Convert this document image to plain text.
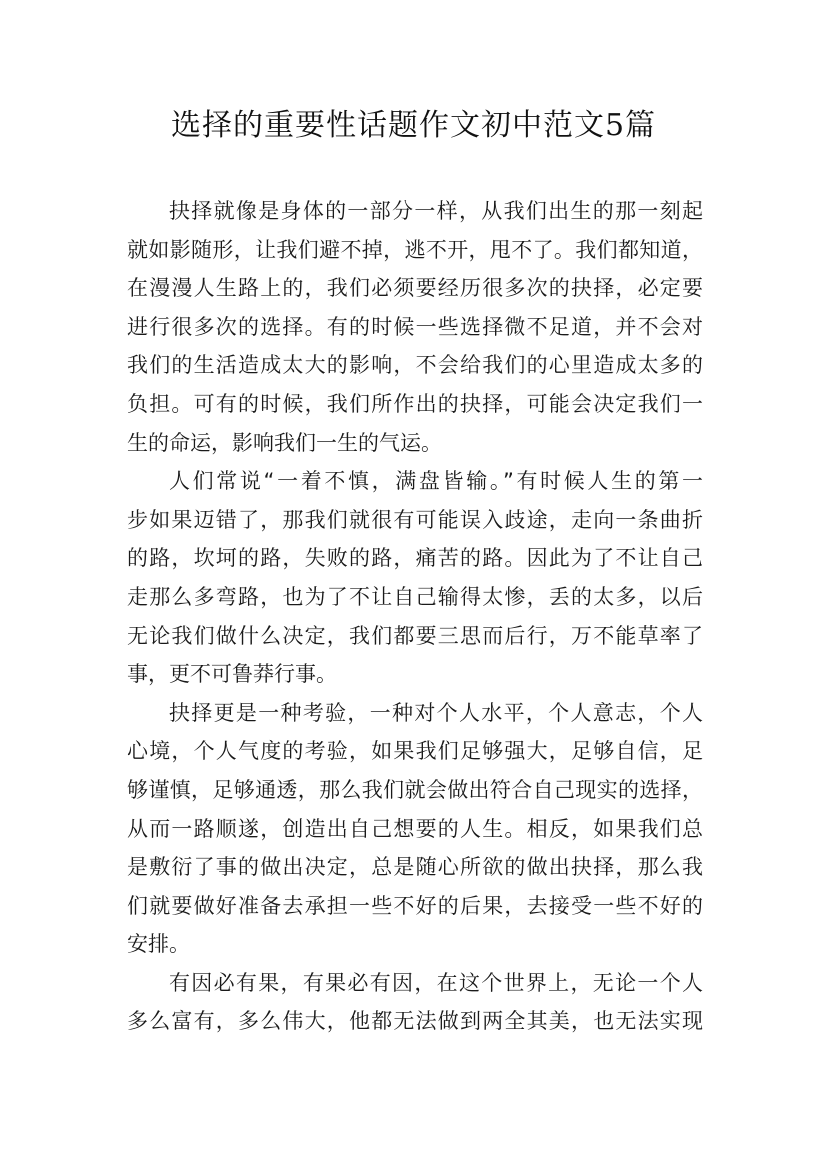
选择的重要性话题作文初中范文5篇
抉择就像是身体的一部分一样，从我们出生的那一刻起
就如影随形，让我们避不掉，逃不开，甩不了。我们都知道，
在漫漫人生路上的，我们必须要经历很多次的抉择，必定要
进行很多次的选择。有的时候一些选择微不足道，并不会对
我们的生活造成太大的影响，不会给我们的心里造成太多的
负担。可有的时候，我们所作出的抉择，可能会决定我们一
生的命运，影响我们一生的气运。
人们常说“一着不慎，满盘皆输。”有时候人生的第一
步如果迈错了，那我们就很有可能误入歧途，走向一条曲折
的路，坎坷的路，失败的路，痛苦的路。因此为了不让自己
走那么多弯路，也为了不让自己输得太惨，丢的太多，以后
无论我们做什么决定，我们都要三思而后行，万不能草率了
事，更不可鲁莽行事。
抉择更是一种考验，一种对个人水平，个人意志，个人
心境，个人气度的考验，如果我们足够强大，足够自信，足
够谨慎，足够通透，那么我们就会做出符合自己现实的选择，
从而一路顺遂，创造出自己想要的人生。相反，如果我们总
是敷衍了事的做出决定，总是随心所欲的做出抉择，那么我
们就要做好准备去承担一些不好的后果，去接受一些不好的
安排。
有因必有果，有果必有因，在这个世界上，无论一个人
多么富有，多么伟大，他都无法做到两全其美，也无法实现
